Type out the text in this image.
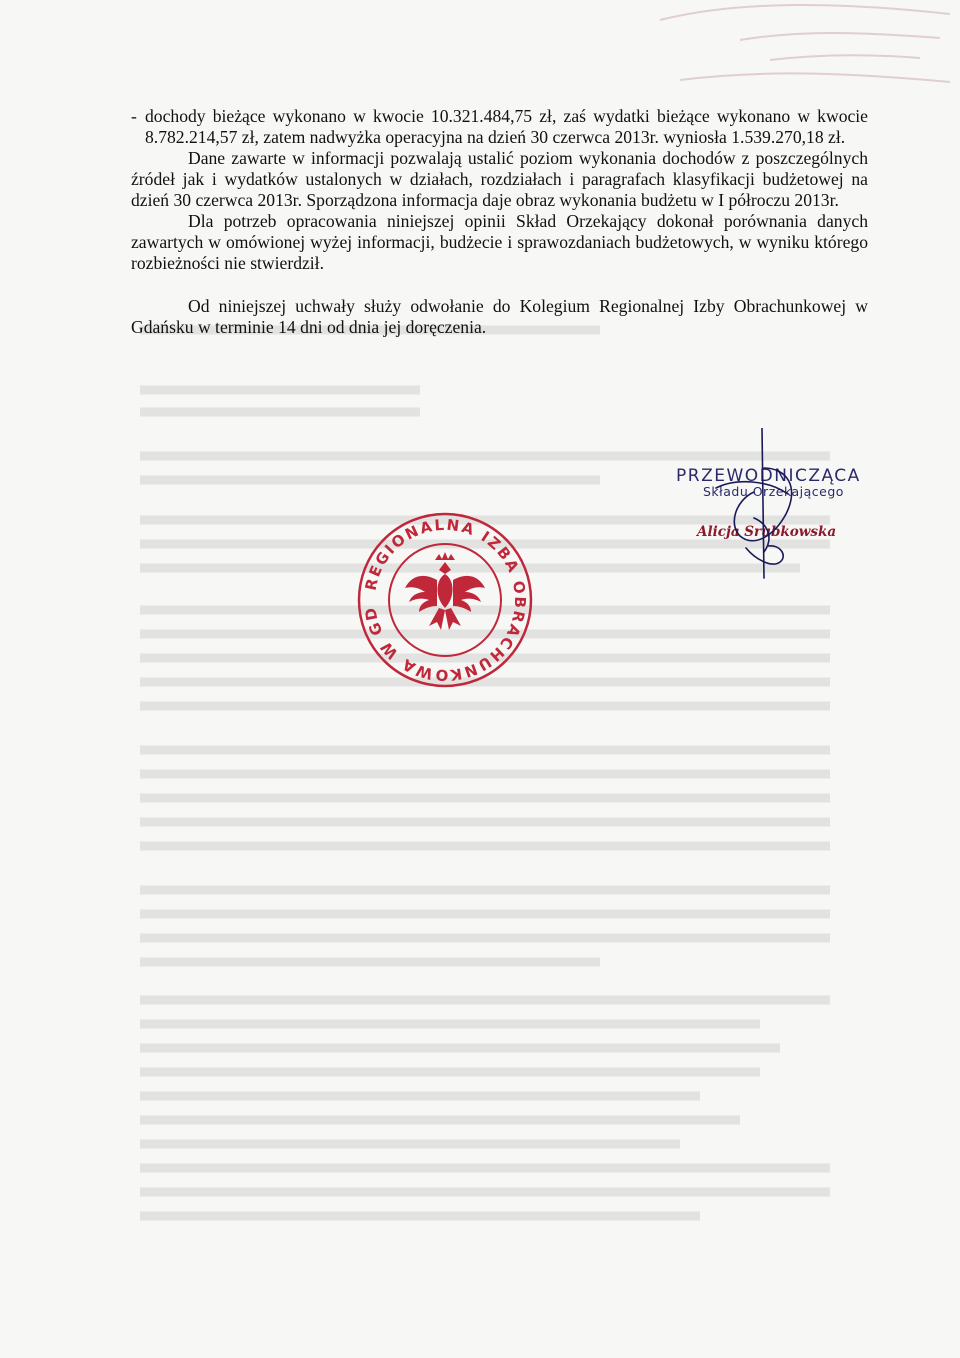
- dochody bieżące wykonano w kwocie 10.321.484,75 zł, zaś wydatki bieżące wykonano w kwocie 8.782.214,57 zł, zatem nadwyżka operacyjna na dzień 30 czerwca 2013r. wyniosła 1.539.270,18 zł.

Dane zawarte w informacji pozwalają ustalić poziom wykonania dochodów z poszczególnych źródeł jak i wydatków ustalonych w działach, rozdziałach i paragrafach klasyfikacji budżetowej na dzień 30 czerwca 2013r. Sporządzona informacja daje obraz wykonania budżetu w I półroczu 2013r.

Dla potrzeb opracowania niniejszej opinii Skład Orzekający dokonał porównania danych zawartych w omówionej wyżej informacji, budżecie i sprawozdaniach budżetowych, w wyniku którego rozbieżności nie stwierdził.

Od niniejszej uchwały służy odwołanie do Kolegium Regionalnej Izby Obrachunkowej w Gdańsku w terminie 14 dni od dnia jej doręczenia.

REGIONALNA IZBA OBRACHUNKOWA W GD
PRZEWODNICZĄCA
Składu Orzekającego
Alicja Srubkowska
